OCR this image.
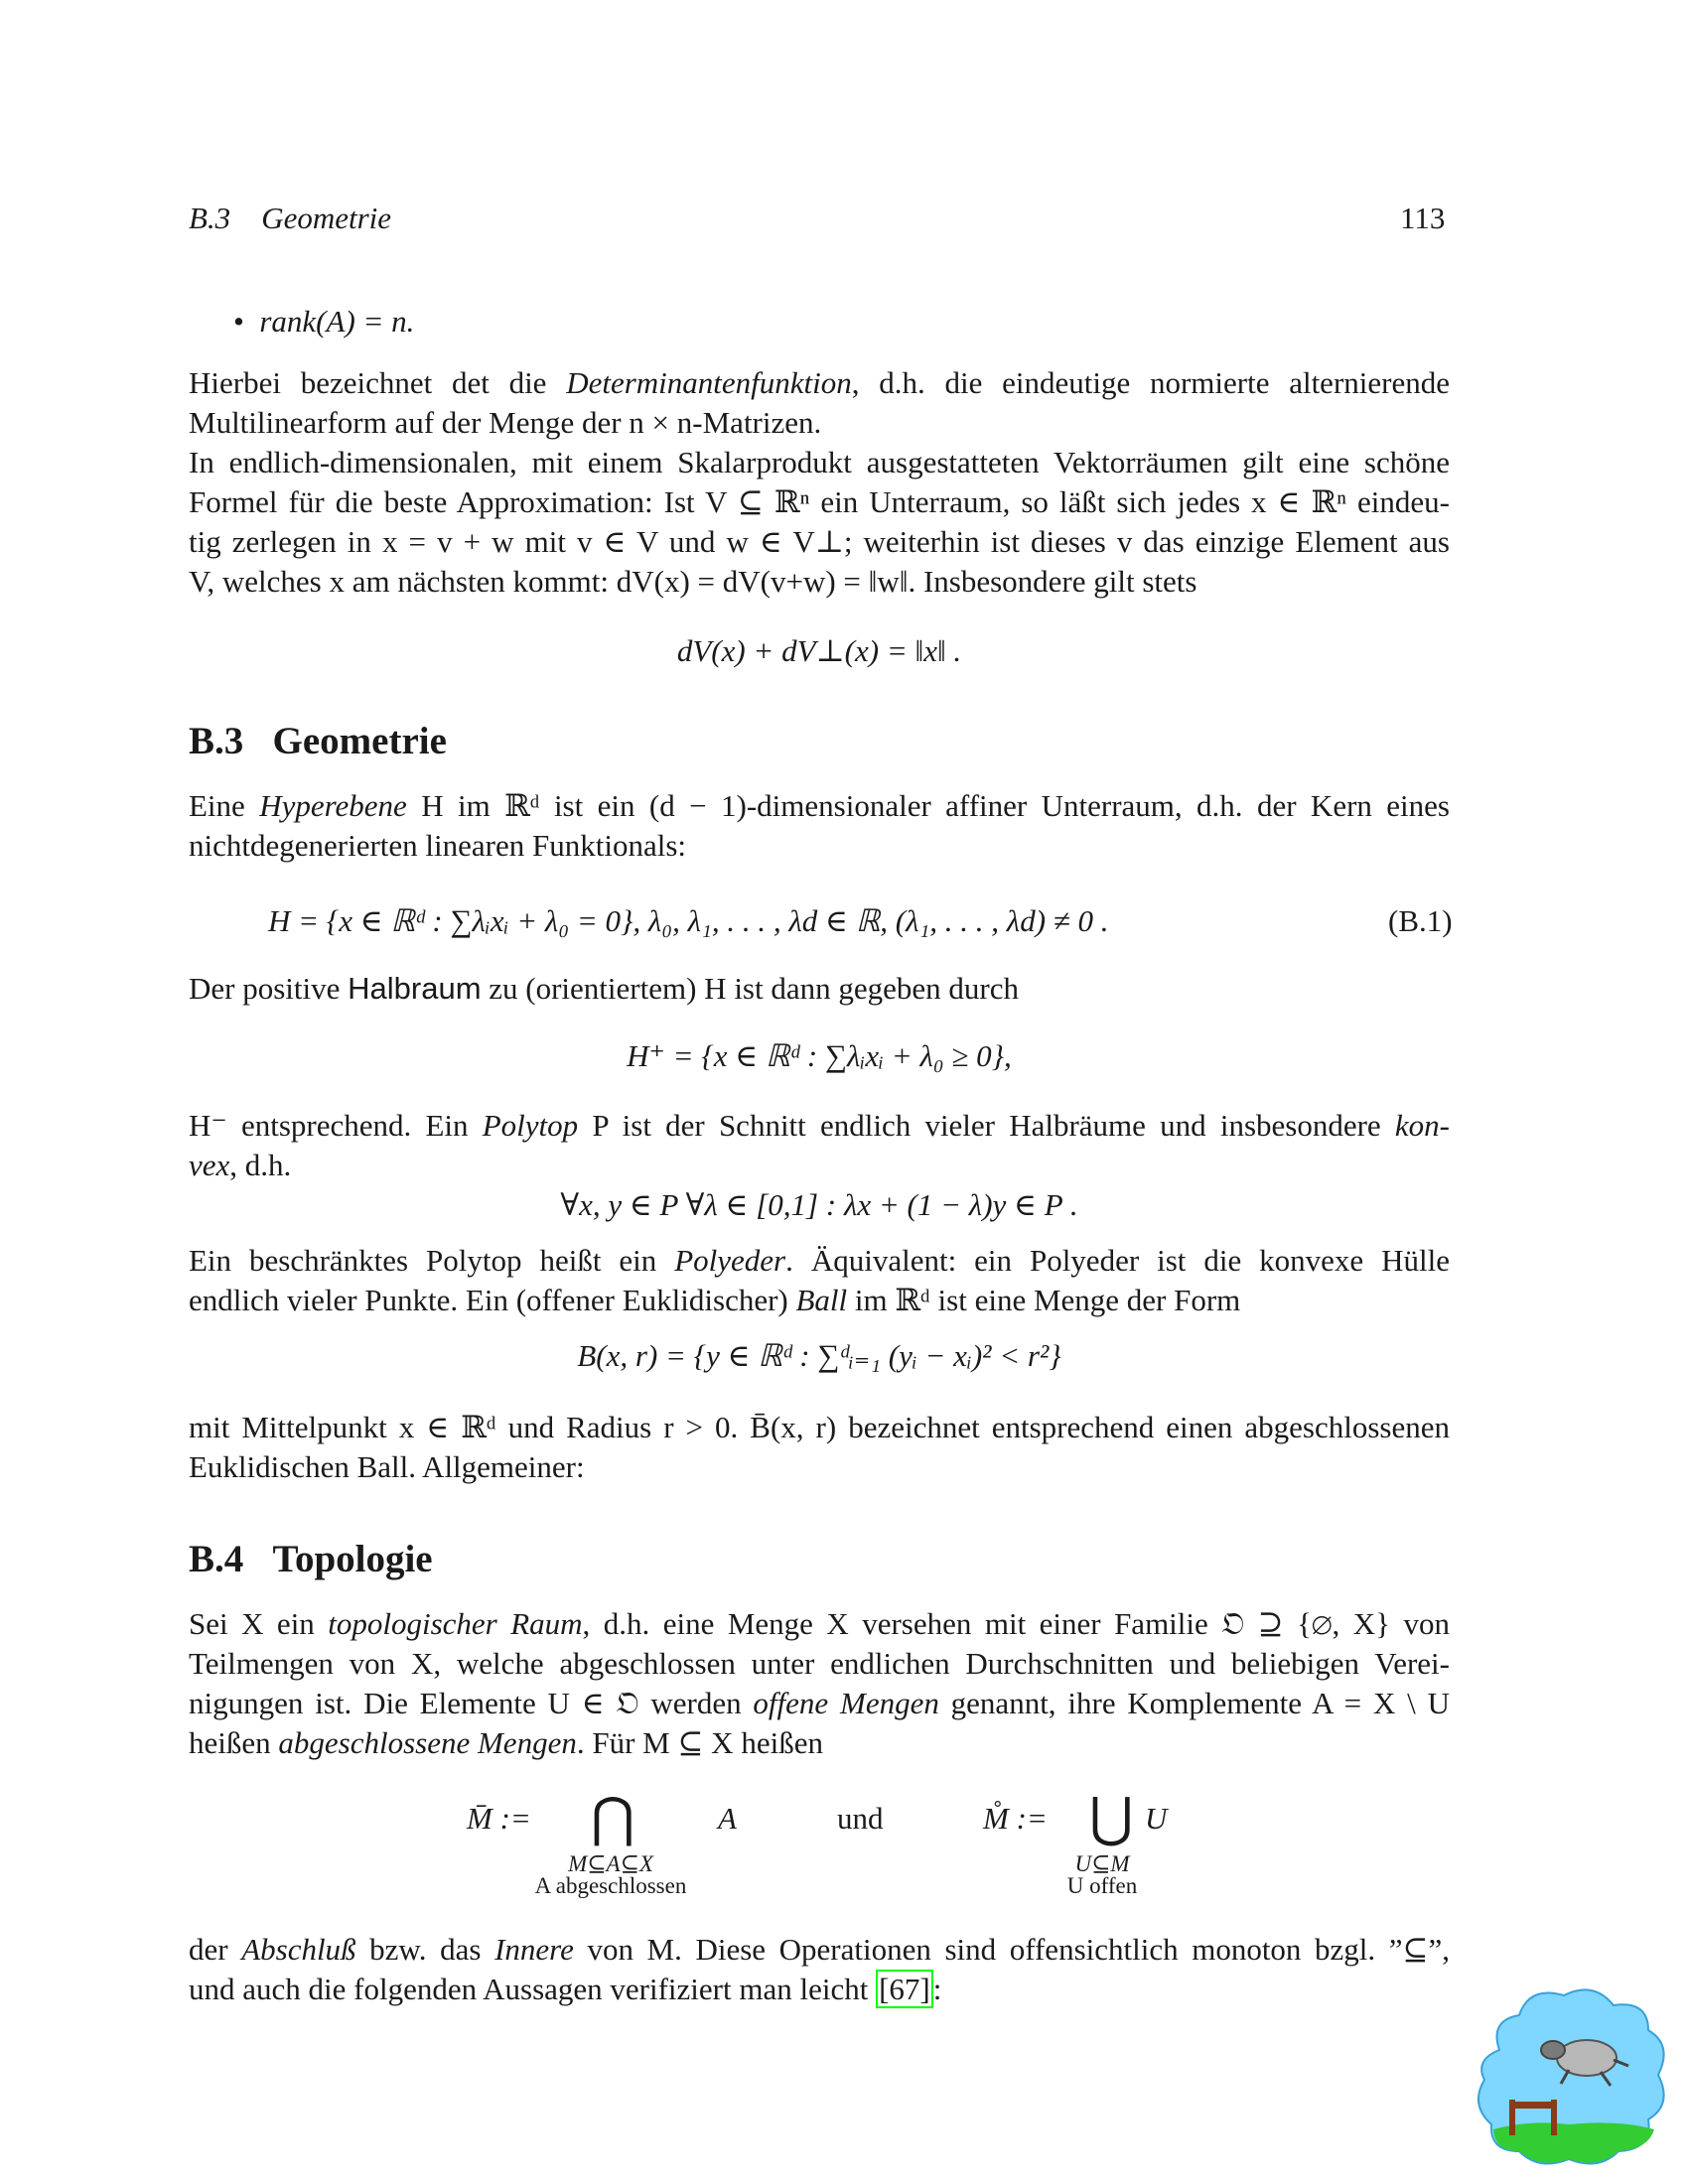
B.3 Geometrie	113
• rank(A) = n.
Hierbei bezeichnet det die Determinantenfunktion, d.h. die eindeutige normierte alternierende
Multilinearform auf der Menge der n × n-Matrizen.
In endlich-dimensionalen, mit einem Skalarprodukt ausgestatteten Vektorräumen gilt eine schöne
Formel für die beste Approximation: Ist V ⊆ ℝⁿ ein Unterraum, so läßt sich jedes x ∈ ℝⁿ eindeu-
tig zerlegen in x = v + w mit v ∈ V und w ∈ V⊥; weiterhin ist dieses v das einzige Element aus
V, welches x am nächsten kommt: dV(x) = dV(v+w) = ‖w‖. Insbesondere gilt stets
dV(x) + dV⊥(x) = ‖x‖ .
B.3 Geometrie
Eine Hyperebene H im ℝᵈ ist ein (d − 1)-dimensionaler affiner Unterraum, d.h. der Kern eines
nichtdegenerierten linearen Funktionals:
H = {x ∈ ℝᵈ : ∑λᵢxᵢ + λ₀ = 0}, λ₀, λ₁, . . . , λd ∈ ℝ, (λ₁, . . . , λd) ≠ 0 .	(B.1)
Der positive Halbraum zu (orientiertem) H ist dann gegeben durch
H⁺ = {x ∈ ℝᵈ : ∑λᵢxᵢ + λ₀ ≥ 0},
H⁻ entsprechend. Ein Polytop P ist der Schnitt endlich vieler Halbräume und insbesondere kon-
vex, d.h.
∀x, y ∈ P ∀λ ∈ [0,1] : λx + (1 − λ)y ∈ P .
Ein beschränktes Polytop heißt ein Polyeder. Äquivalent: ein Polyeder ist die konvexe Hülle
endlich vieler Punkte. Ein (offener Euklidischer) Ball im ℝᵈ ist eine Menge der Form
B(x, r) = {y ∈ ℝᵈ : ∑ᵈᵢ₌₁ (yᵢ − xᵢ)² < r²}
mit Mittelpunkt x ∈ ℝᵈ und Radius r > 0. B̄(x, r) bezeichnet entsprechend einen abgeschlossenen
Euklidischen Ball. Allgemeiner:
B.4 Topologie
Sei X ein topologischer Raum, d.h. eine Menge X versehen mit einer Familie 𝔒 ⊇ {∅, X} von
Teilmengen von X, welche abgeschlossen unter endlichen Durchschnitten und beliebigen Verei-
nigungen ist. Die Elemente U ∈ 𝔒 werden offene Mengen genannt, ihre Komplemente A = X \ U
heißen abgeschlossene Mengen. Für M ⊆ X heißen
M̄ := ⋂	A
M⊆A⊆X
A abgeschlossen
und	M̊ := ⋃ U
U⊆M
U offen
der Abschluß bzw. das Innere von M. Diese Operationen sind offensichtlich monoton bzgl. ”⊆”,
und auch die folgenden Aussagen verifiziert man leicht [67]:
